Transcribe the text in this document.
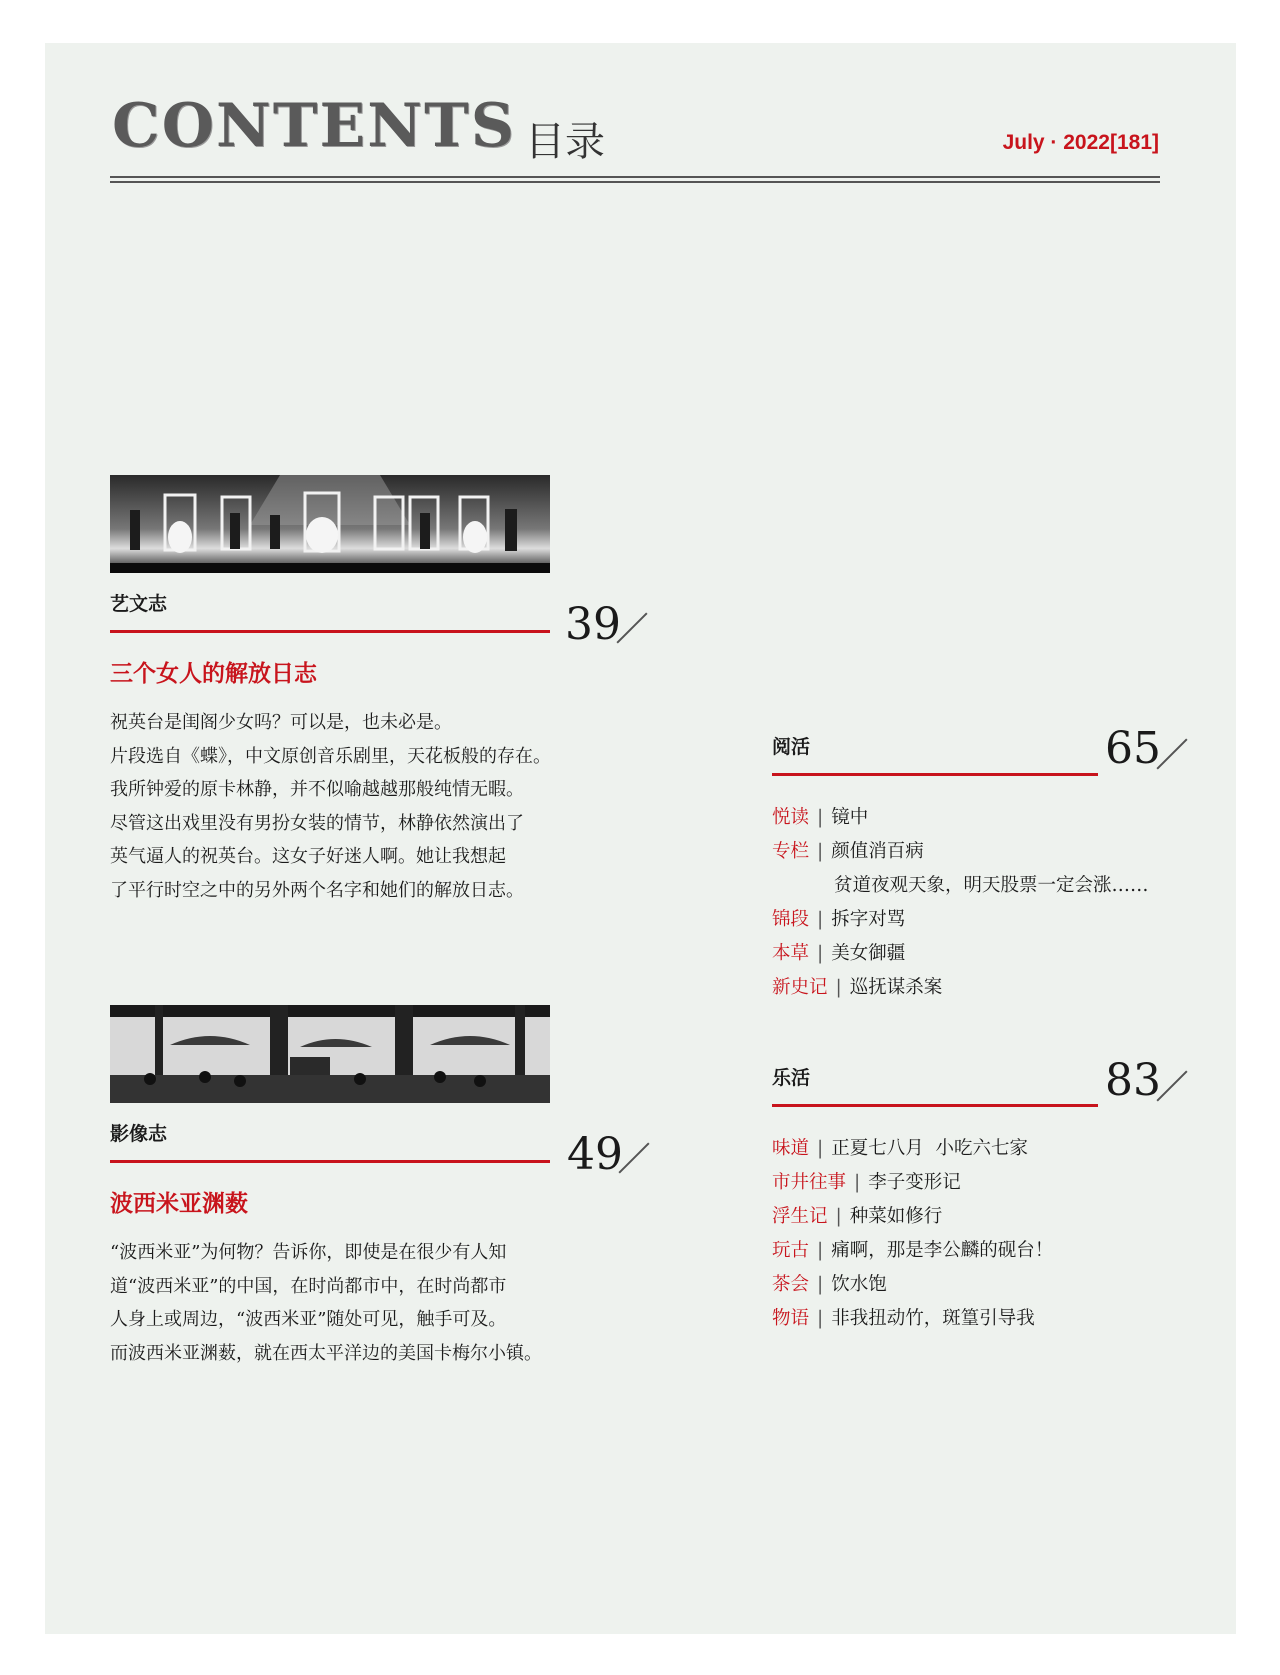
CONTENTS 目录	July · 2022[181]
艺文志	39
三个女人的解放日志

祝英台是闺阁少女吗？可以是，也未必是。

片段选自《蝶》，中文原创音乐剧里，天花板般的存在。

我所钟爱的原卡林静，并不似喻越越那般纯情无暇。

尽管这出戏里没有男扮女装的情节，林静依然演出了

英气逼人的祝英台。这女子好迷人啊。她让我想起

了平行时空之中的另外两个名字和她们的解放日志。

影像志	49
波西米亚渊薮

“波西米亚”为何物？告诉你，即使是在很少有人知

道“波西米亚”的中国，在时尚都市中，在时尚都市

人身上或周边，“波西米亚”随处可见，触手可及。

而波西米亚渊薮，就在西太平洋边的美国卡梅尔小镇。

阅活	65
悦读 | 镜中
专栏 | 颜值消百病
贫道夜观天象，明天股票一定会涨……
锦段 | 拆字对骂
本草 | 美女御疆
新史记 | 巡抚谋杀案
乐活	83
味道 | 正夏七八月  小吃六七家
市井往事 | 李子变形记
浮生记 | 种菜如修行
玩古 | 痛啊，那是李公麟的砚台！
茶会 | 饮水饱
物语 | 非我扭动竹，斑篁引导我
